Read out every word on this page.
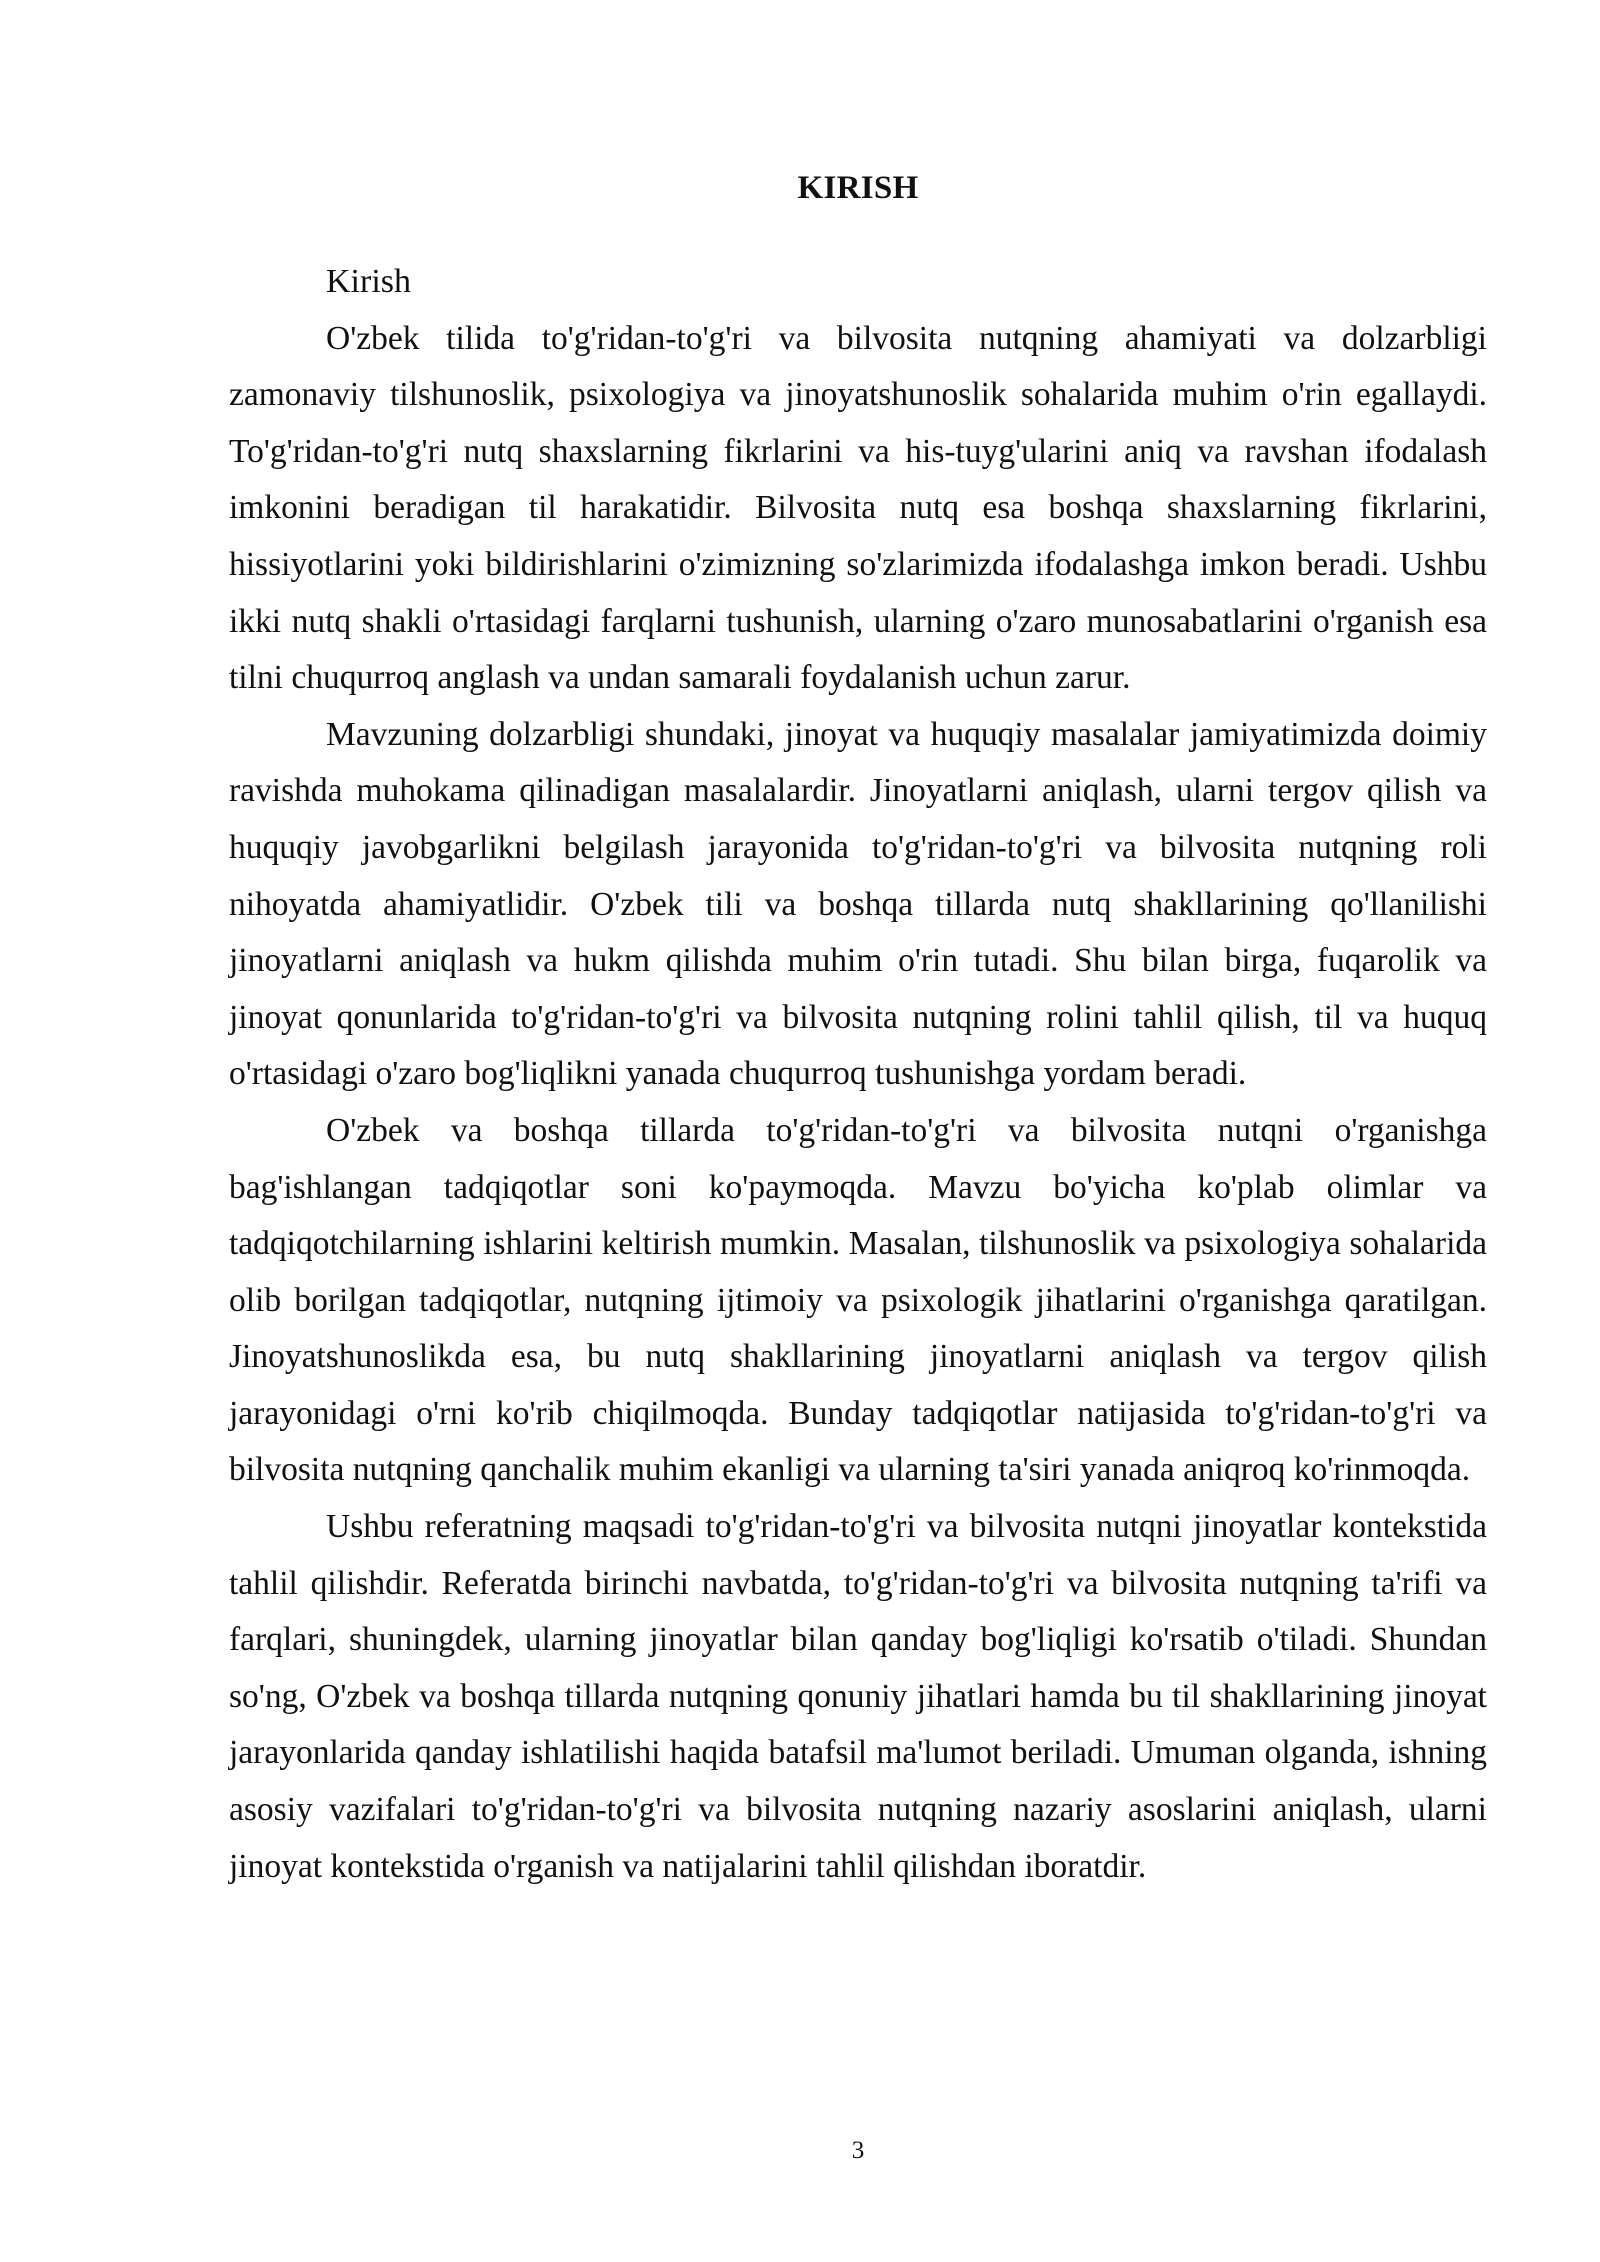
KIRISH

Kirish

O'zbek tilida to'g'ridan-to'g'ri va bilvosita nutqning ahamiyati va dolzarbligi zamonaviy tilshunoslik, psixologiya va jinoyatshunoslik sohalarida muhim o'rin egallaydi. To'g'ridan-to'g'ri nutq shaxslarning fikrlarini va his-tuyg'ularini aniq va ravshan ifodalash imkonini beradigan til harakatidir. Bilvosita nutq esa boshqa shaxslarning fikrlarini, hissiyotlarini yoki bildirishlarini o'zimizning so'zlarimizda ifodalashga imkon beradi. Ushbu ikki nutq shakli o'rtasidagi farqlarni tushunish, ularning o'zaro munosabatlarini o'rganish esa tilni chuqurroq anglash va undan samarali foydalanish uchun zarur.

Mavzuning dolzarbligi shundaki, jinoyat va huquqiy masalalar jamiyatimizda doimiy ravishda muhokama qilinadigan masalalardir. Jinoyatlarni aniqlash, ularni tergov qilish va huquqiy javobgarlikni belgilash jarayonida to'g'ridan-to'g'ri va bilvosita nutqning roli nihoyatda ahamiyatlidir. O'zbek tili va boshqa tillarda nutq shakllarining qo'llanilishi jinoyatlarni aniqlash va hukm qilishda muhim o'rin tutadi. Shu bilan birga, fuqarolik va jinoyat qonunlarida to'g'ridan-to'g'ri va bilvosita nutqning rolini tahlil qilish, til va huquq o'rtasidagi o'zaro bog'liqlikni yanada chuqurroq tushunishga yordam beradi.

O'zbek va boshqa tillarda to'g'ridan-to'g'ri va bilvosita nutqni o'rganishga bag'ishlangan tadqiqotlar soni ko'paymoqda. Mavzu bo'yicha ko'plab olimlar va tadqiqotchilarning ishlarini keltirish mumkin. Masalan, tilshunoslik va psixologiya sohalarida olib borilgan tadqiqotlar, nutqning ijtimoiy va psixologik jihatlarini o'rganishga qaratilgan. Jinoyatshunoslikda esa, bu nutq shakllarining jinoyatlarni aniqlash va tergov qilish jarayonidagi o'rni ko'rib chiqilmoqda. Bunday tadqiqotlar natijasida to'g'ridan-to'g'ri va bilvosita nutqning qanchalik muhim ekanligi va ularning ta'siri yanada aniqroq ko'rinmoqda.

Ushbu referatning maqsadi to'g'ridan-to'g'ri va bilvosita nutqni jinoyatlar kontekstida tahlil qilishdir. Referatda birinchi navbatda, to'g'ridan-to'g'ri va bilvosita nutqning ta'rifi va farqlari, shuningdek, ularning jinoyatlar bilan qanday bog'liqligi ko'rsatib o'tiladi. Shundan so'ng, O'zbek va boshqa tillarda nutqning qonuniy jihatlari hamda bu til shakllarining jinoyat jarayonlarida qanday ishlatilishi haqida batafsil ma'lumot beriladi. Umuman olganda, ishning asosiy vazifalari to'g'ridan-to'g'ri va bilvosita nutqning nazariy asoslarini aniqlash, ularni jinoyat kontekstida o'rganish va natijalarini tahlil qilishdan iboratdir.

3
